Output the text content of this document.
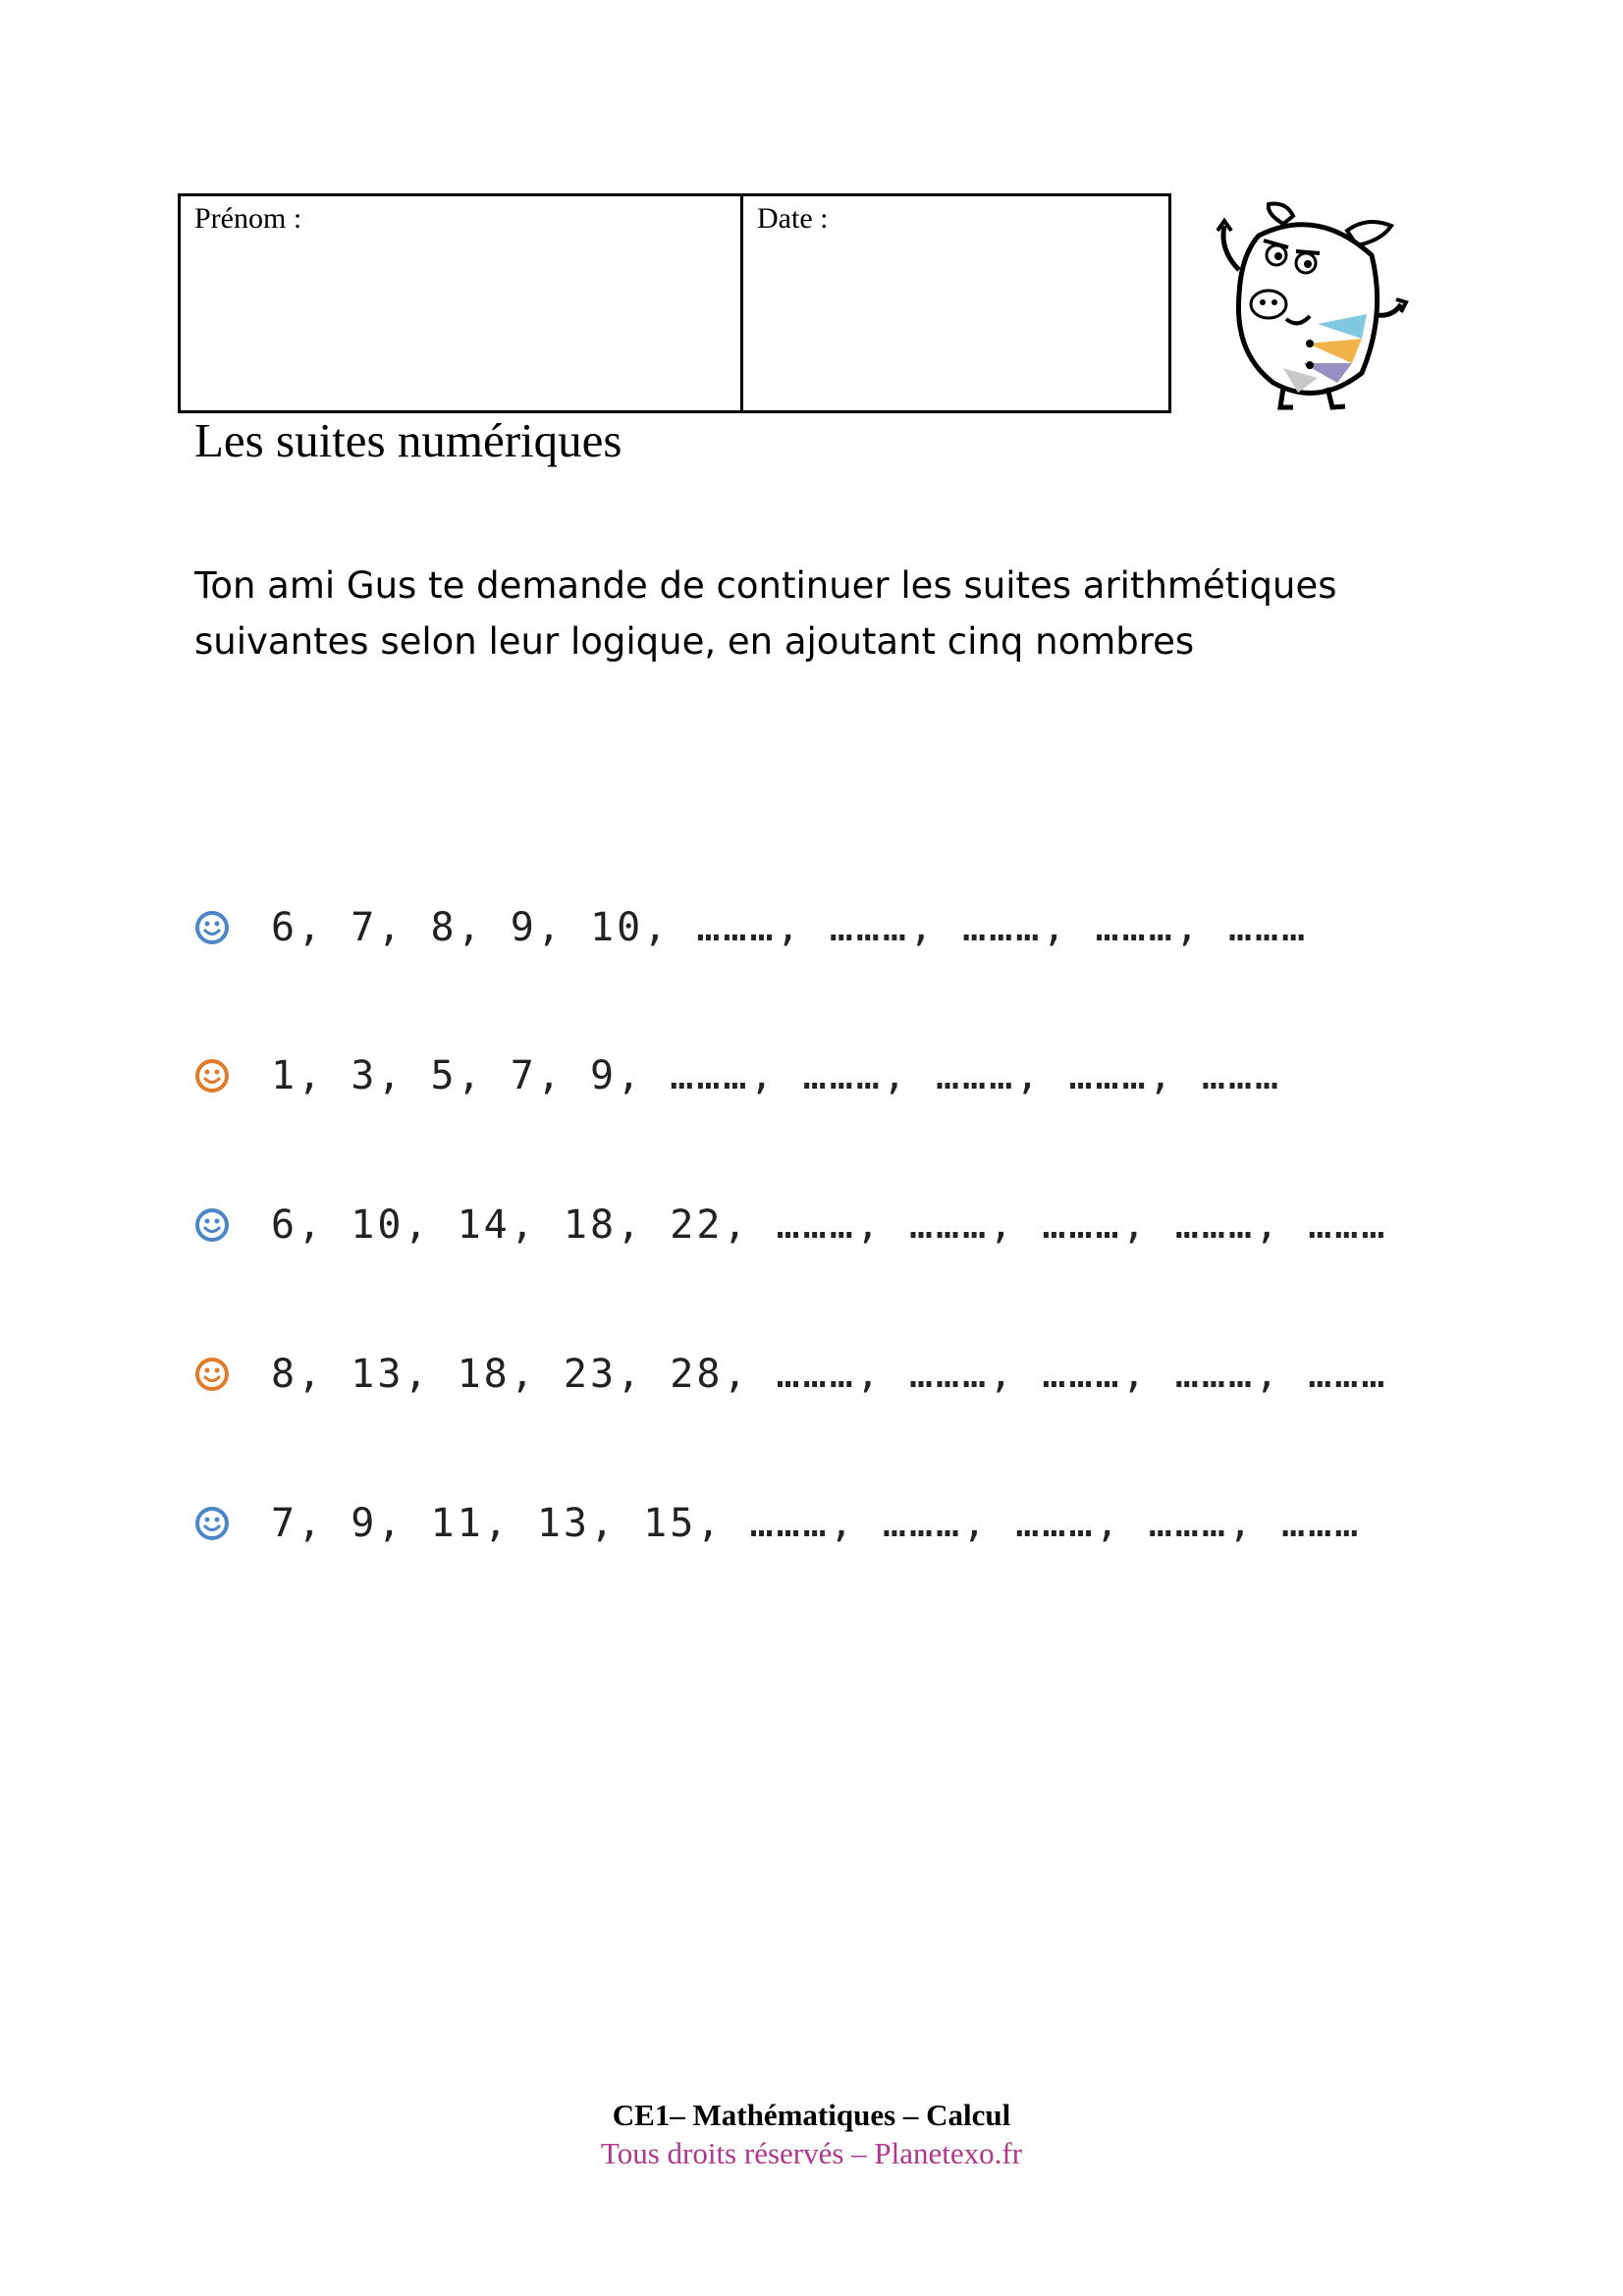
Prénom :	Date :
Les suites numériques

Ton ami Gus te demande de continuer les suites arithmétiques suivantes selon leur logique, en ajoutant cinq nombres

6, 7, 8, 9, 10, ………, ………, ………, ………, ………
1, 3, 5, 7, 9, ………, ………, ………, ………, ………
6, 10, 14, 18, 22, ………, ………, ………, ………, ………
8, 13, 18, 23, 28, ………, ………, ………, ………, ………
7, 9, 11, 13, 15, ………, ………, ………, ………, ………
CE1– Mathématiques – Calcul
Tous droits réservés – Planetexo.fr
